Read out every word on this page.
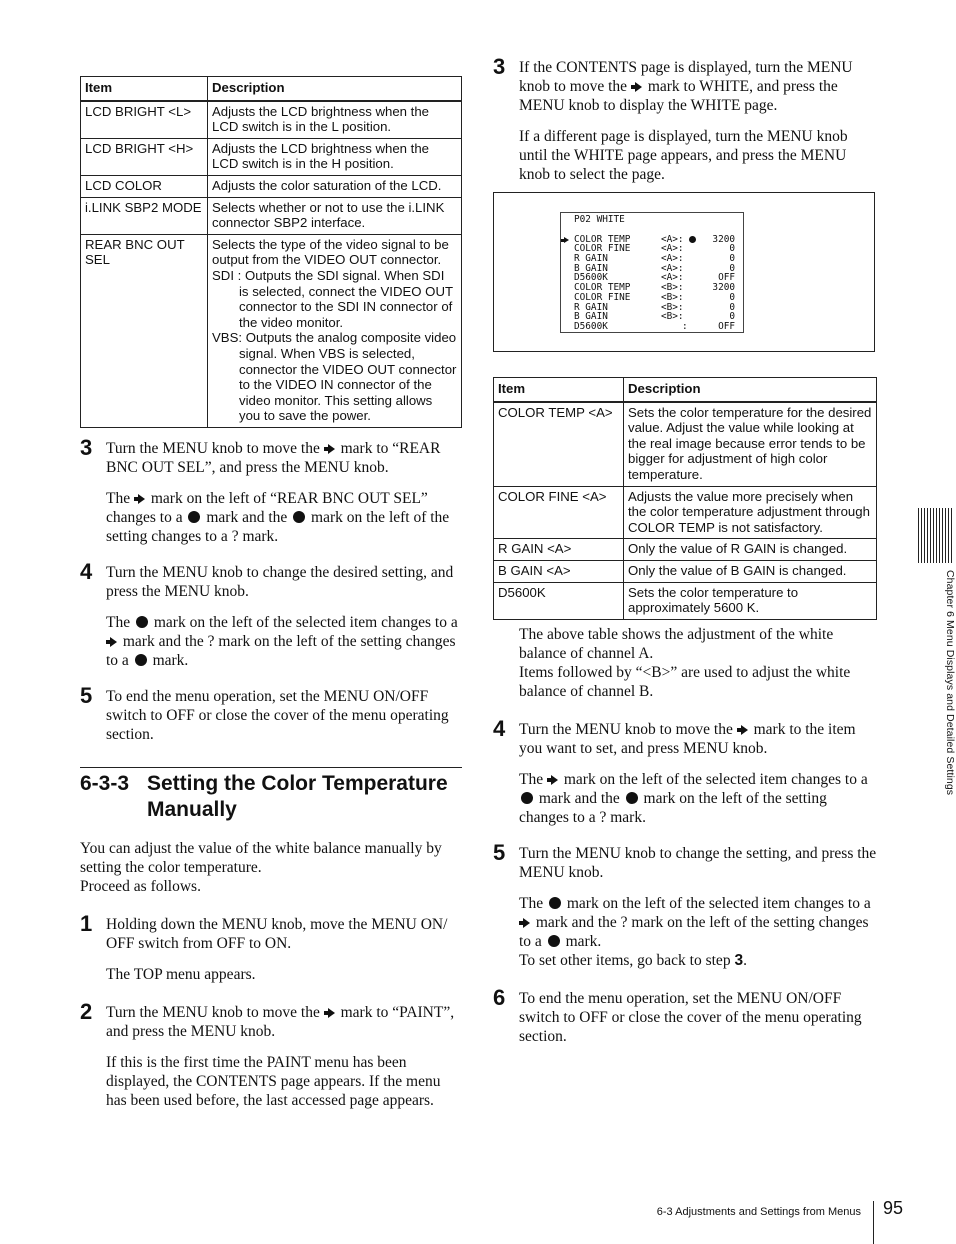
Item	Description
LCD BRIGHT <L>	Adjusts the LCD brightness when the LCD switch is in the L position.
LCD BRIGHT <H>	Adjusts the LCD brightness when the LCD switch is in the H position.
LCD COLOR	Adjusts the color saturation of the LCD.
i.LINK SBP2 MODE	Selects whether or not to use the i.LINK connector SBP2 interface.
REAR BNC OUT SEL	Selects the type of the video signal to be output from the VIDEO OUT connector.
SDI : Outputs the SDI signal. When SDI is selected, connect the VIDEO OUT connector to the SDI IN connector of the video monitor.
VBS: Outputs the analog composite video signal. When VBS is selected, connector the VIDEO OUT connector to the VIDEO IN connector of the video monitor. This setting allows you to save the power.
3 Turn the MENU knob to move the mark to “REAR BNC OUT SEL”, and press the MENU knob.

The mark on the left of “REAR BNC OUT SEL” changes to a mark and the mark on the left of the setting changes to a ? mark.

4 Turn the MENU knob to change the desired setting, and press the MENU knob.

The mark on the left of the selected item changes to a  mark and the ? mark on the left of the setting changes to a mark.

5 To end the menu operation, set the MENU ON/OFF switch to OFF or close the cover of the menu operating section.

6-3-3 Setting the Color Temperature Manually

You can adjust the value of the white balance manually by setting the color temperature.

Proceed as follows.

1 Holding down the MENU knob, move the MENU ON/ OFF switch from OFF to ON.

The TOP menu appears.

2 Turn the MENU knob to move the mark to “PAINT”, and press the MENU knob.

If this is the first time the PAINT menu has been displayed, the CONTENTS page appears. If the menu has been used before, the last accessed page appears.

3 If the CONTENTS page is displayed, turn the MENU knob to move the mark to WHITE, and press the MENU knob to display the WHITE page.

If a different page is displayed, turn the MENU knob until the WHITE page appears, and press the MENU knob to select the page.

P02 WHITE
COLOR TEMP	<A>:	3200
COLOR FINE	<A>:	0
R GAIN	<A>:	0
B GAIN	<A>:	0
D5600K	<A>:	OFF
COLOR TEMP	<B>:	3200
COLOR FINE	<B>:	0
R GAIN	<B>:	0
B GAIN	<B>:	0
D5600K	:	OFF
Item	Description
COLOR TEMP <A>	Sets the color temperature for the desired value. Adjust the value while looking at the real image because error tends to be bigger for adjustment of high color temperature.
COLOR FINE <A>	Adjusts the value more precisely when the color temperature adjustment through COLOR TEMP is not satisfactory.
R GAIN <A>	Only the value of R GAIN is changed.
B GAIN <A>	Only the value of B GAIN is changed.
D5600K	Sets the color temperature to approximately 5600 K.

The above table shows the adjustment of the white balance of channel A.

Items followed by “<B>” are used to adjust the white balance of channel B.

4 Turn the MENU knob to move the mark to the item you want to set, and press MENU knob.

The mark on the left of the selected item changes to a  mark and the mark on the left of the setting changes to a ? mark.

5 Turn the MENU knob to change the setting, and press the MENU knob.

The mark on the left of the selected item changes to a  mark and the ? mark on the left of the setting changes to a mark.
To set other items, go back to step 3.

6 To end the menu operation, set the MENU ON/OFF switch to OFF or close the cover of the menu operating section.

Chapter 6 Menu Displays and Detailed Settings
6-3 Adjustments and Settings from Menus 95
